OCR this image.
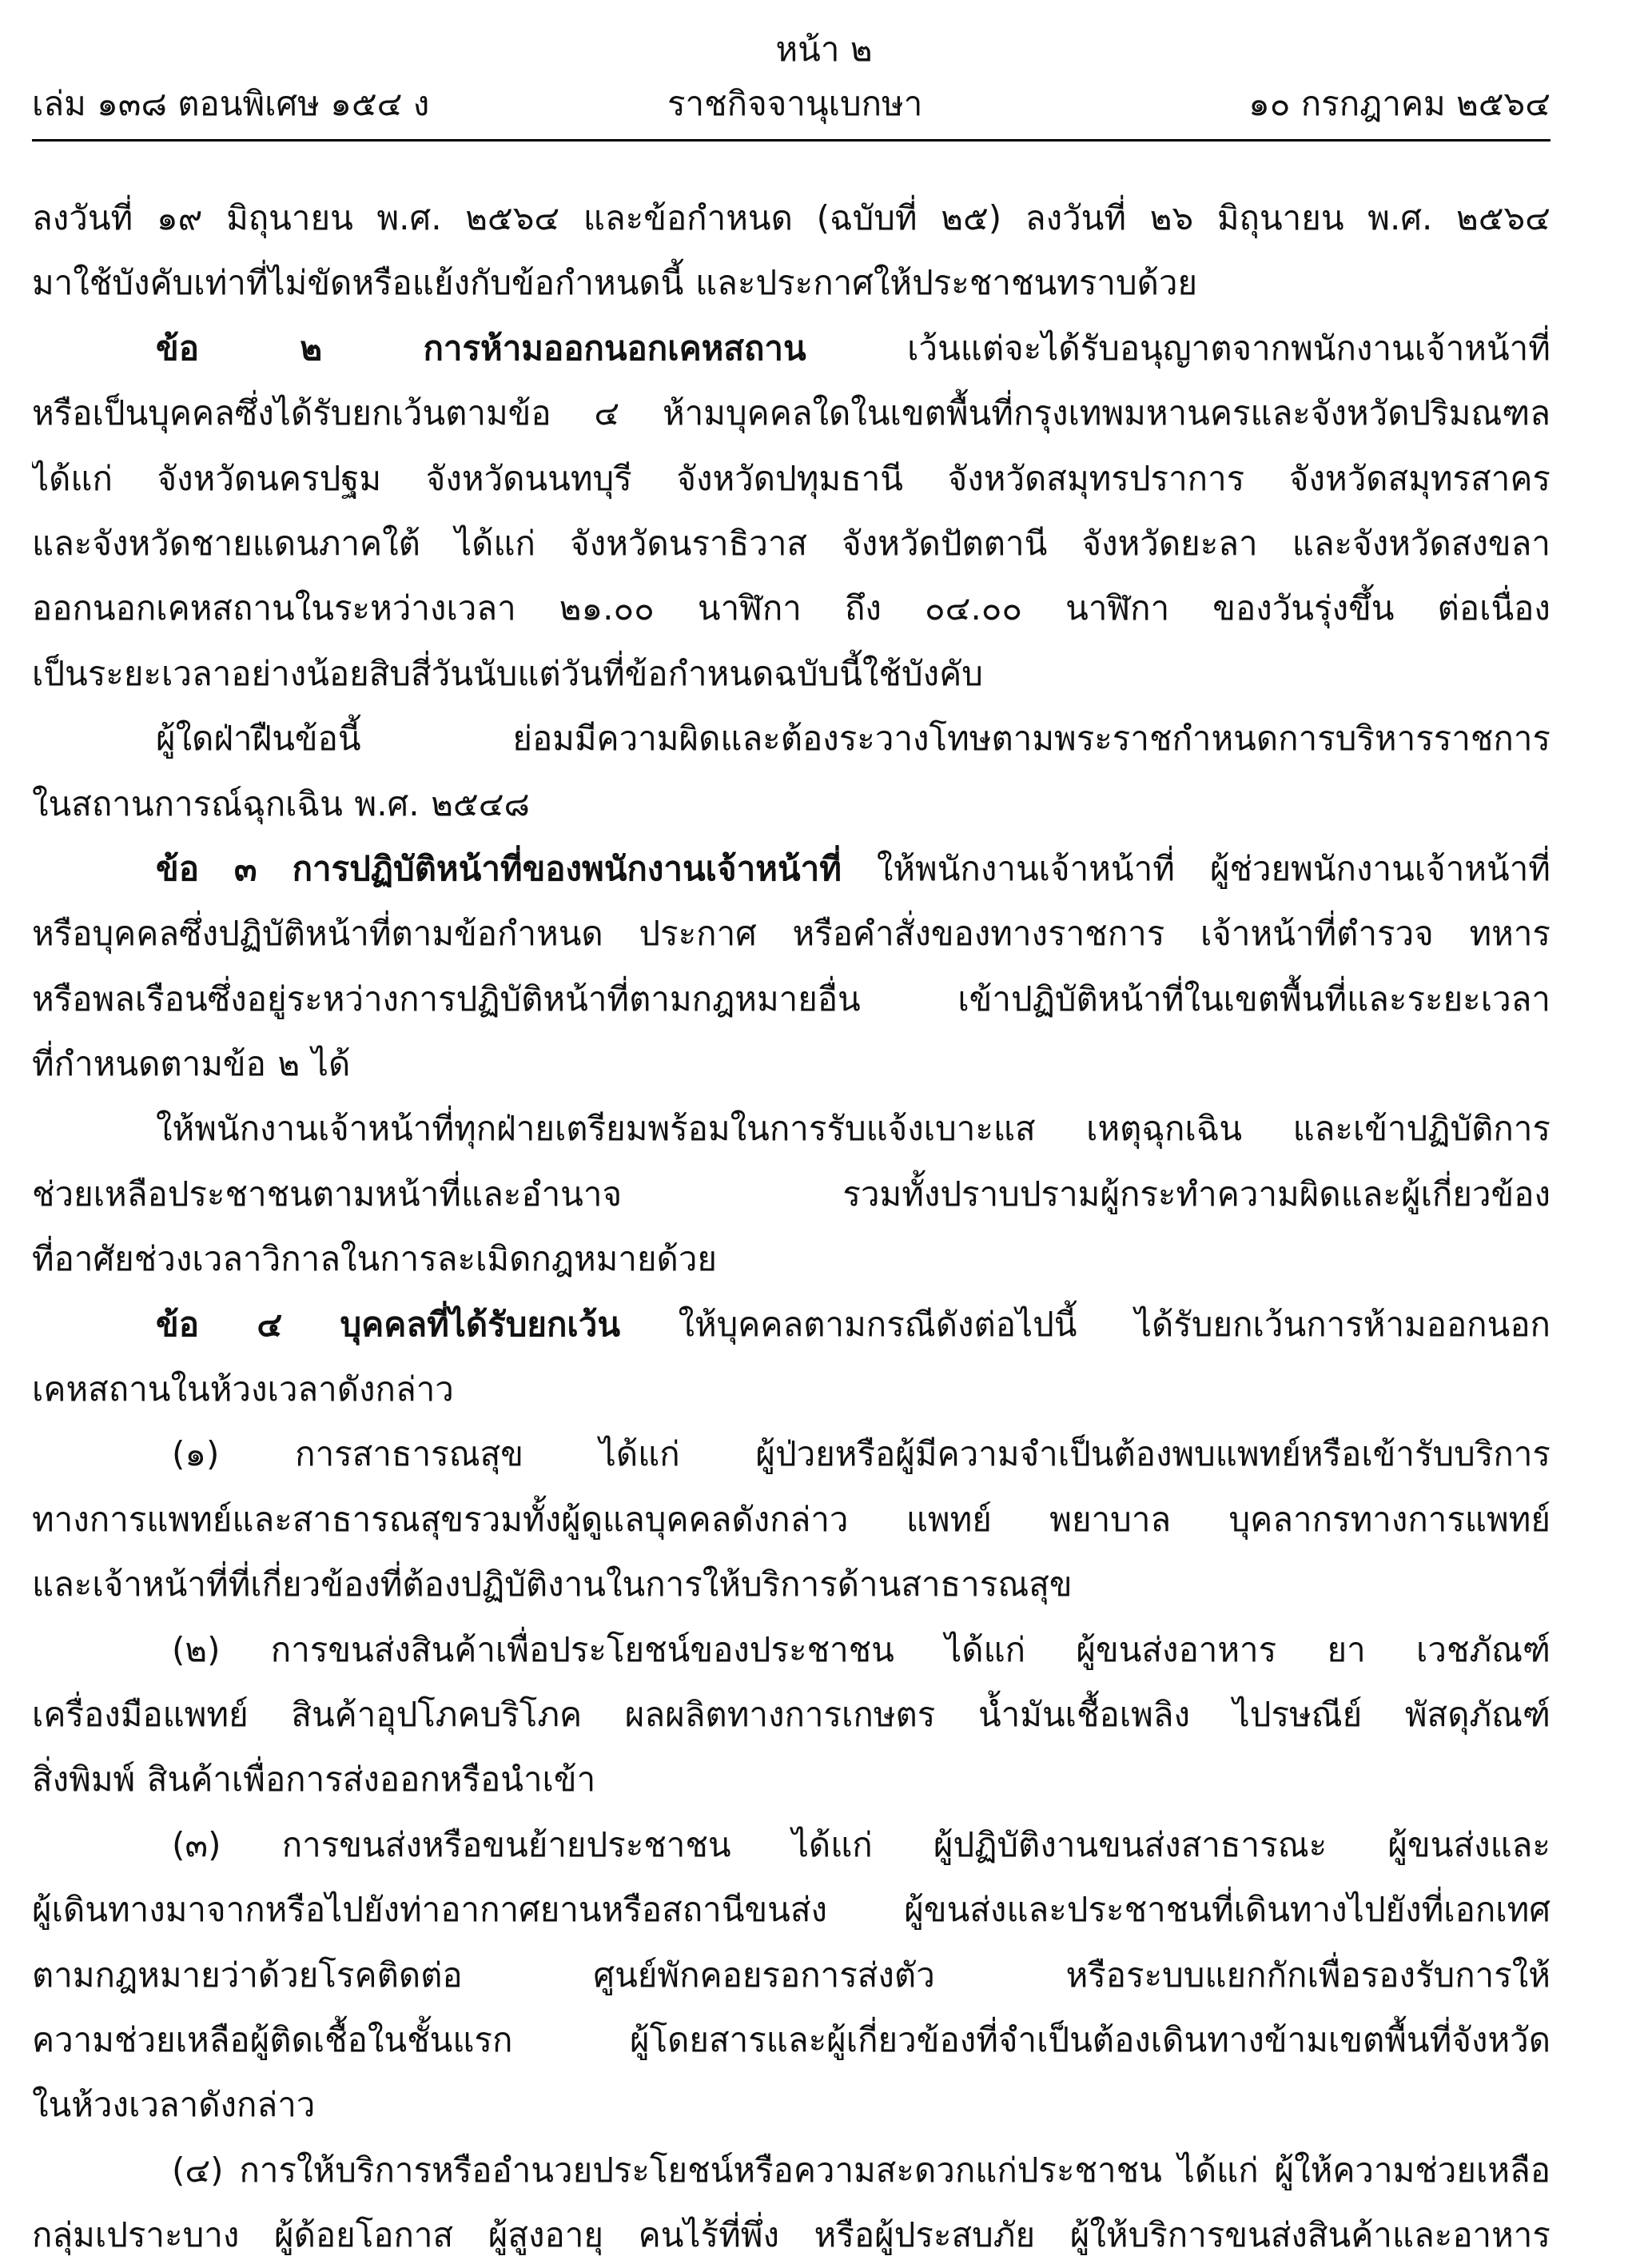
หน้า ๒
เล่ม ๑๓๘ ตอนพิเศษ ๑๕๔ ง	ราชกิจจานุเบกษา	๑๐ กรกฎาคม ๒๕๖๔
ลงวันที่ ๑๙ มิถุนายน พ.ศ. ๒๕๖๔ และข้อกำหนด (ฉบับที่ ๒๕) ลงวันที่ ๒๖ มิถุนายน พ.ศ. ๒๕๖๔
มาใช้บังคับเท่าที่ไม่ขัดหรือแย้งกับข้อกำหนดนี้ และประกาศให้ประชาชนทราบด้วย
ข้อ	๒	การห้ามออกนอกเคหสถาน	เว้นแต่จะได้รับอนุญาตจากพนักงานเจ้าหน้าที่
หรือเป็นบุคคลซึ่งได้รับยกเว้นตามข้อ ๔ ห้ามบุคคลใดในเขตพื้นที่กรุงเทพมหานครและจังหวัดปริมณฑล
ได้แก่ จังหวัดนครปฐม จังหวัดนนทบุรี จังหวัดปทุมธานี จังหวัดสมุทรปราการ จังหวัดสมุทรสาคร
และจังหวัดชายแดนภาคใต้ ได้แก่ จังหวัดนราธิวาส จังหวัดปัตตานี จังหวัดยะลา และจังหวัดสงขลา
ออกนอกเคหสถานในระหว่างเวลา ๒๑.๐๐ นาฬิกา ถึง ๐๔.๐๐ นาฬิกา ของวันรุ่งขึ้น ต่อเนื่อง
เป็นระยะเวลาอย่างน้อยสิบสี่วันนับแต่วันที่ข้อกำหนดฉบับนี้ใช้บังคับ
ผู้ใดฝ่าฝืนข้อนี้	ย่อมมีความผิดและต้องระวางโทษตามพระราชกำหนดการบริหารราชการ
ในสถานการณ์ฉุกเฉิน พ.ศ. ๒๕๔๘
ข้อ ๓ การปฏิบัติหน้าที่ของพนักงานเจ้าหน้าที่ ให้พนักงานเจ้าหน้าที่ ผู้ช่วยพนักงานเจ้าหน้าที่
หรือบุคคลซึ่งปฏิบัติหน้าที่ตามข้อกำหนด ประกาศ หรือคำสั่งของทางราชการ เจ้าหน้าที่ตำรวจ ทหาร
หรือพลเรือนซึ่งอยู่ระหว่างการปฏิบัติหน้าที่ตามกฎหมายอื่น	เข้าปฏิบัติหน้าที่ในเขตพื้นที่และระยะเวลา
ที่กำหนดตามข้อ ๒ ได้
ให้พนักงานเจ้าหน้าที่ทุกฝ่ายเตรียมพร้อมในการรับแจ้งเบาะแส เหตุฉุกเฉิน และเข้าปฏิบัติการ
ช่วยเหลือประชาชนตามหน้าที่และอำนาจ	รวมทั้งปราบปรามผู้กระทำความผิดและผู้เกี่ยวข้อง
ที่อาศัยช่วงเวลาวิกาลในการละเมิดกฎหมายด้วย
ข้อ ๔ บุคคลที่ได้รับยกเว้น ให้บุคคลตามกรณีดังต่อไปนี้ ได้รับยกเว้นการห้ามออกนอก
เคหสถานในห้วงเวลาดังกล่าว
(๑) การสาธารณสุข ได้แก่ ผู้ป่วยหรือผู้มีความจำเป็นต้องพบแพทย์หรือเข้ารับบริการ
ทางการแพทย์และสาธารณสุขรวมทั้งผู้ดูแลบุคคลดังกล่าว แพทย์ พยาบาล บุคลากรทางการแพทย์
และเจ้าหน้าที่ที่เกี่ยวข้องที่ต้องปฏิบัติงานในการให้บริการด้านสาธารณสุข
(๒) การขนส่งสินค้าเพื่อประโยชน์ของประชาชน ได้แก่ ผู้ขนส่งอาหาร ยา เวชภัณฑ์
เครื่องมือแพทย์ สินค้าอุปโภคบริโภค ผลผลิตทางการเกษตร น้ำมันเชื้อเพลิง ไปรษณีย์ พัสดุภัณฑ์
สิ่งพิมพ์ สินค้าเพื่อการส่งออกหรือนำเข้า
(๓) การขนส่งหรือขนย้ายประชาชน ได้แก่ ผู้ปฏิบัติงานขนส่งสาธารณะ ผู้ขนส่งและ
ผู้เดินทางมาจากหรือไปยังท่าอากาศยานหรือสถานีขนส่ง ผู้ขนส่งและประชาชนที่เดินทางไปยังที่เอกเทศ
ตามกฎหมายว่าด้วยโรคติดต่อ	ศูนย์พักคอยรอการส่งตัว	หรือระบบแยกกักเพื่อรองรับการให้
ความช่วยเหลือผู้ติดเชื้อในชั้นแรก	ผู้โดยสารและผู้เกี่ยวข้องที่จำเป็นต้องเดินทางข้ามเขตพื้นที่จังหวัด
ในห้วงเวลาดังกล่าว
(๔) การให้บริการหรืออำนวยประโยชน์หรือความสะดวกแก่ประชาชน ได้แก่ ผู้ให้ความช่วยเหลือ
กลุ่มเปราะบาง ผู้ด้อยโอกาส ผู้สูงอายุ คนไร้ที่พึ่ง หรือผู้ประสบภัย ผู้ให้บริการขนส่งสินค้าและอาหาร
